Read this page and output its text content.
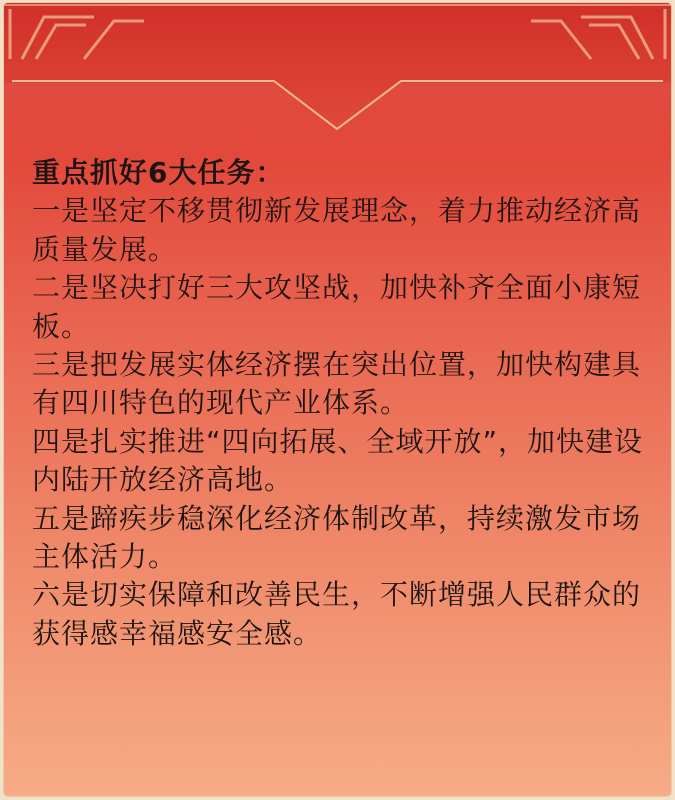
重点抓好6大任务：
一是坚定不移贯彻新发展理念，着力推动经济高质量发展。
二是坚决打好三大攻坚战，加快补齐全面小康短板。
三是把发展实体经济摆在突出位置，加快构建具有四川特色的现代产业体系。
四是扎实推进“四向拓展、全域开放”，加快建设内陆开放经济高地。
五是蹄疾步稳深化经济体制改革，持续激发市场主体活力。
六是切实保障和改善民生，不断增强人民群众的获得感幸福感安全感。
